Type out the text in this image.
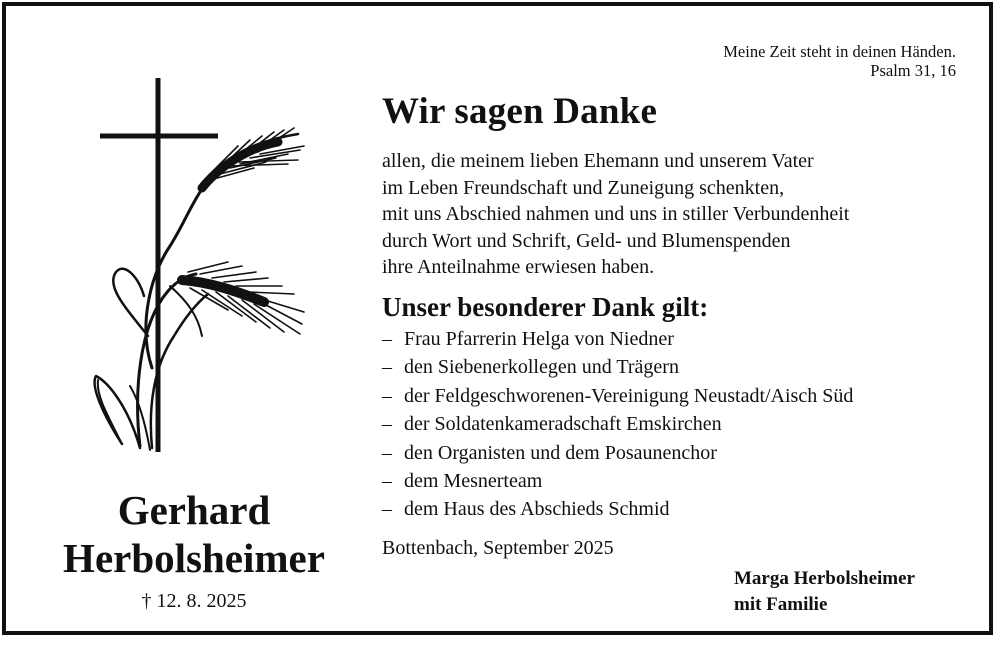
Meine Zeit steht in deinen Händen.
Psalm 31, 16
Wir sagen Danke
allen, die meinem lieben Ehemann und unserem Vater
im Leben Freundschaft und Zuneigung schenkten,
mit uns Abschied nahmen und uns in stiller Verbundenheit
durch Wort und Schrift, Geld- und Blumenspenden
ihre Anteilnahme erwiesen haben.
Unser besonderer Dank gilt:
– Frau Pfarrerin Helga von Niedner
– den Siebenerkollegen und Trägern
– der Feldgeschworenen-Vereinigung Neustadt/Aisch Süd
– der Soldatenkameradschaft Emskirchen
– den Organisten und dem Posaunenchor
– dem Mesnerteam
– dem Haus des Abschieds Schmid
Bottenbach, September 2025
Marga Herbolsheimer
mit Familie
Gerhard
Herbolsheimer
† 12. 8. 2025
